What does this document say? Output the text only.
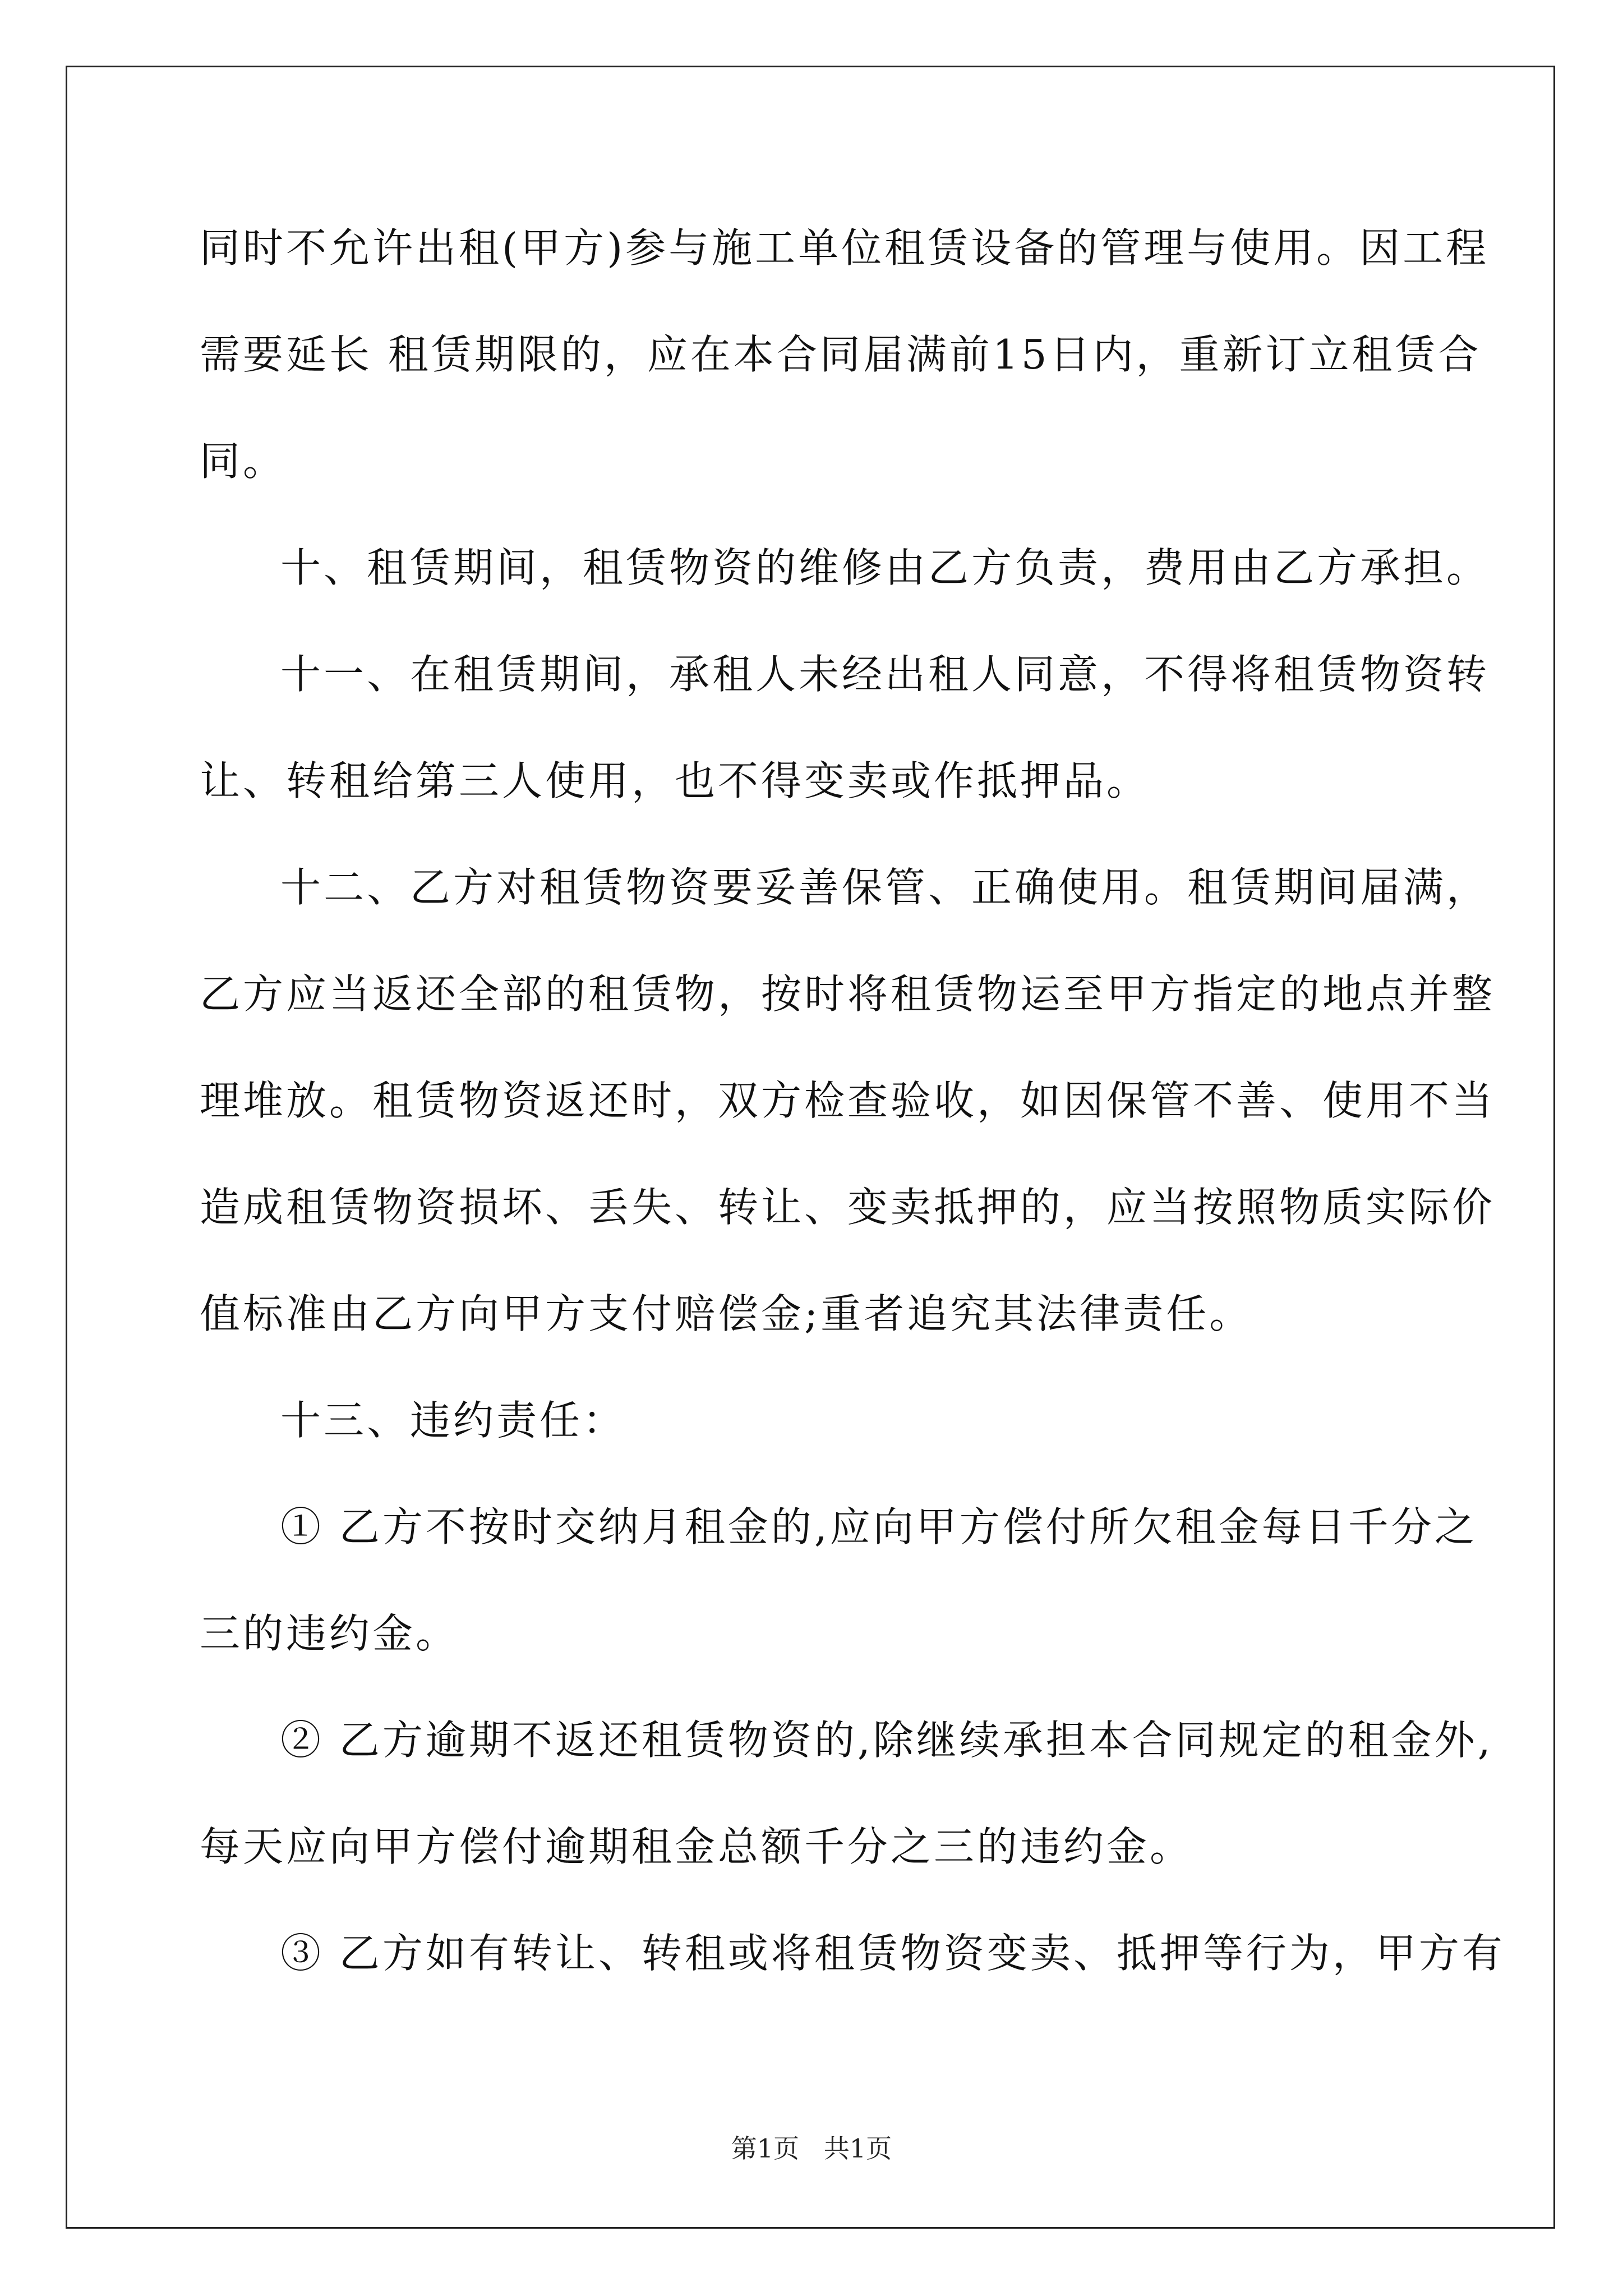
同时不允许出租(甲方)参与施工单位租赁设备的管理与使用。因工程
需要延长 租赁期限的，应在本合同届满前15日内，重新订立租赁合
同。
十、租赁期间，租赁物资的维修由乙方负责，费用由乙方承担。
十一、在租赁期间，承租人未经出租人同意，不得将租赁物资转
让、转租给第三人使用，也不得变卖或作抵押品。
十二、乙方对租赁物资要妥善保管、正确使用。租赁期间届满，
乙方应当返还全部的租赁物，按时将租赁物运至甲方指定的地点并整
理堆放。租赁物资返还时，双方检查验收，如因保管不善、使用不当
造成租赁物资损坏、丢失、转让、变卖抵押的，应当按照物质实际价
值标准由乙方向甲方支付赔偿金;重者追究其法律责任。
十三、违约责任：
① 乙方不按时交纳月租金的,应向甲方偿付所欠租金每日千分之
三的违约金。
② 乙方逾期不返还租赁物资的,除继续承担本合同规定的租金外,
每天应向甲方偿付逾期租金总额千分之三的违约金。
③ 乙方如有转让、转租或将租赁物资变卖、抵押等行为，甲方有
第1页   共1页
